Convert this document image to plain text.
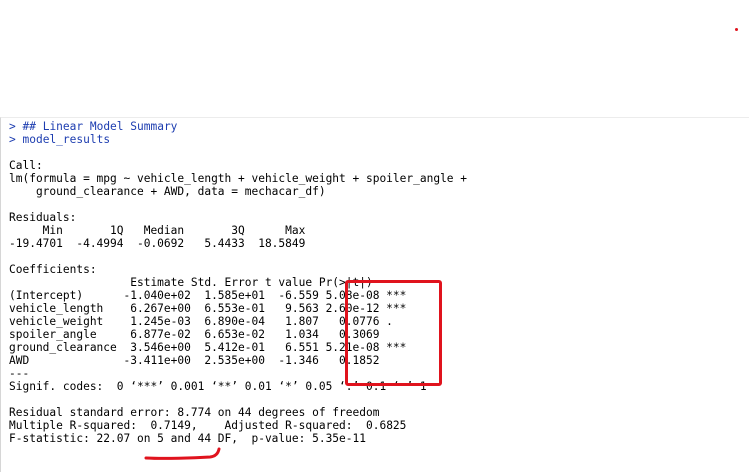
> ## Linear Model Summary
> model_results
Call:
lm(formula = mpg ~ vehicle_length + vehicle_weight + spoiler_angle +
ground_clearance + AWD, data = mechacar_df)
Residuals:
Min       1Q   Median       3Q      Max
-19.4701  -4.4994  -0.0692   5.4433  18.5849
Coefficients:
Estimate Std. Error t value Pr(>|t|)
(Intercept)      -1.040e+02  1.585e+01  -6.559 5.08e-08 ***
vehicle_length    6.267e+00  6.553e-01   9.563 2.60e-12 ***
vehicle_weight    1.245e-03  6.890e-04   1.807   0.0776 .
spoiler_angle     6.877e-02  6.653e-02   1.034   0.3069
ground_clearance  3.546e+00  5.412e-01   6.551 5.21e-08 ***
AWD              -3.411e+00  2.535e+00  -1.346   0.1852
---
Signif. codes:  0 ‘***’ 0.001 ‘**’ 0.01 ‘*’ 0.05 ‘.’ 0.1 ‘ ’ 1
Residual standard error: 8.774 on 44 degrees of freedom
Multiple R-squared:  0.7149,	Adjusted R-squared:  0.6825
F-statistic: 22.07 on 5 and 44 DF,  p-value: 5.35e-11
